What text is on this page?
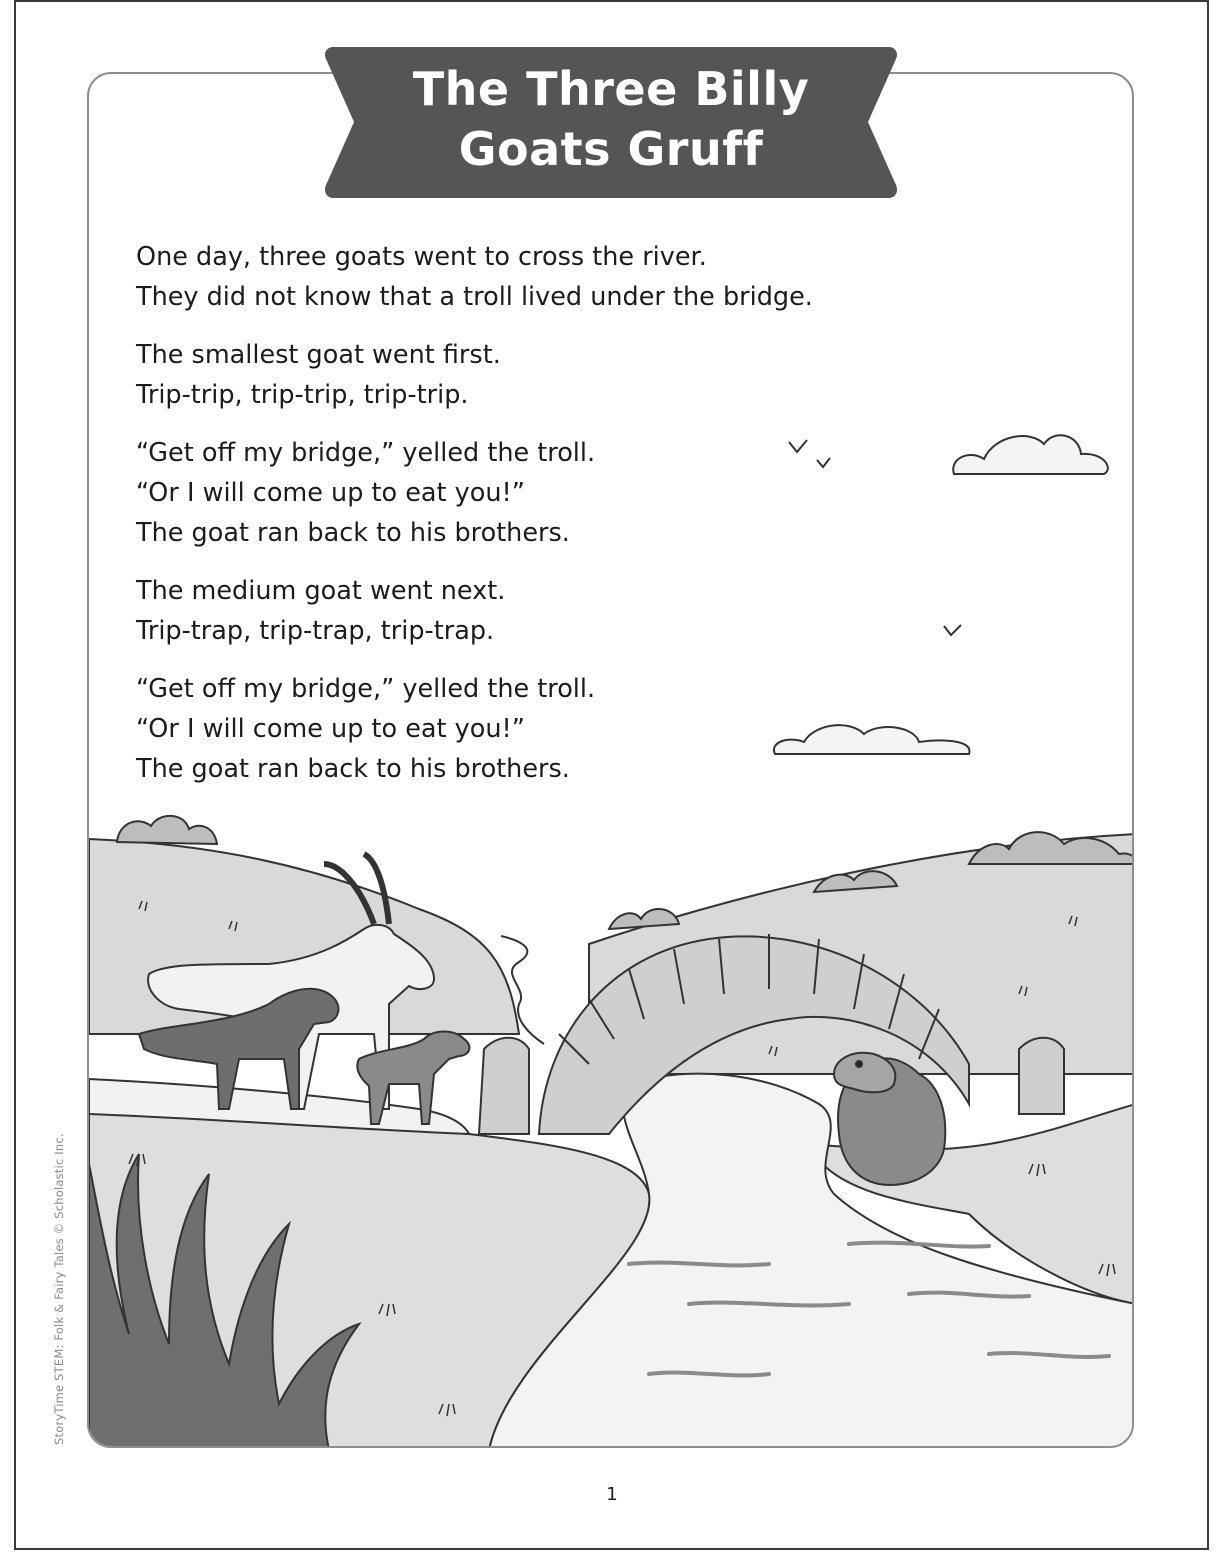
The Three Billy
Goats Gruff
One day, three goats went to cross the river.
They did not know that a troll lived under the bridge.
The smallest goat went first.
Trip-trip, trip-trip, trip-trip.
“Get off my bridge,” yelled the troll.
“Or I will come up to eat you!”
The goat ran back to his brothers.
The medium goat went next.
Trip-trap, trip-trap, trip-trap.
“Get off my bridge,” yelled the troll.
“Or I will come up to eat you!”
The goat ran back to his brothers.
StoryTime STEM: Folk & Fairy Tales © Scholastic Inc.
1
